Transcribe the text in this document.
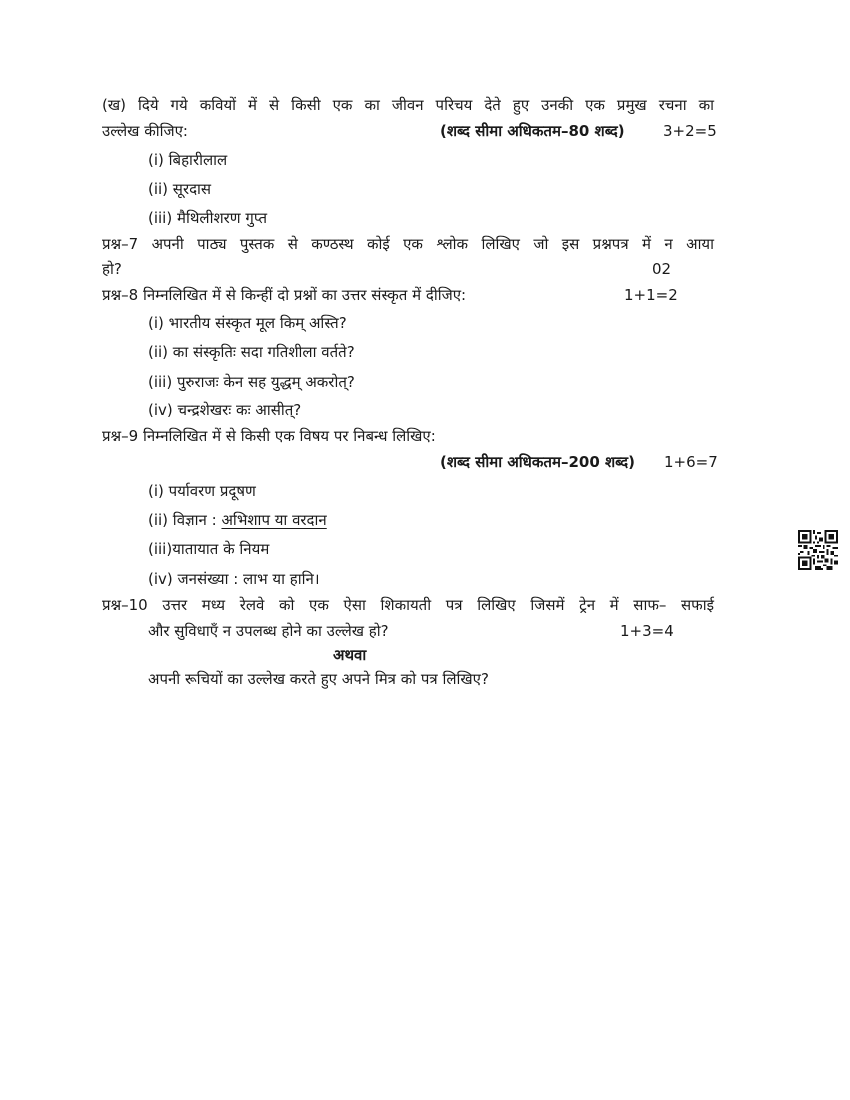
(ख) दिये गये कवियों में से किसी एक का जीवन परिचय देते हुए उनकी एक प्रमुख रचना का
उल्लेख कीजिए:	(शब्द सीमा अधिकतम–80 शब्द)	3+2=5
(i) बिहारीलाल
(ii) सूरदास
(iii) मैथिलीशरण गुप्त
प्रश्न–7 अपनी पाठ्य पुस्तक से कण्ठस्थ कोई एक श्लोक लिखिए जो इस प्रश्नपत्र में न आया
हो?	02
प्रश्न–8 निम्नलिखित में से किन्हीं दो प्रश्नों का उत्तर संस्कृत में दीजिए:	1+1=2
(i) भारतीय संस्कृत मूल किम् अस्ति?
(ii) का संस्कृतिः सदा गतिशीला वर्तते?
(iii) पुरुराजः केन सह युद्धम् अकरोत्?
(iv) चन्द्रशेखरः कः आसीत्?
प्रश्न–9 निम्नलिखित में से किसी एक विषय पर निबन्ध लिखिए:
(शब्द सीमा अधिकतम–200 शब्द) 1+6=7
(i) पर्यावरण प्रदूषण
(ii) विज्ञान : अभिशाप या वरदान
(iii)यातायात के नियम
(iv) जनसंख्या : लाभ या हानि।
प्रश्न–10 उत्तर मध्य रेलवे को एक ऐसा शिकायती पत्र लिखिए जिसमें ट्रेन में साफ– सफाई
और सुविधाएँ न उपलब्ध होने का उल्लेख हो?	1+3=4
अथवा
अपनी रूचियों का उल्लेख करते हुए अपने मित्र को पत्र लिखिए?
